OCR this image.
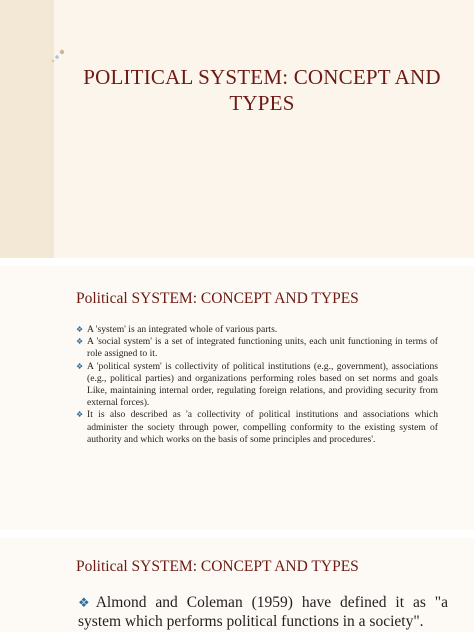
POLITICAL SYSTEM: CONCEPT AND TYPES
Political SYSTEM: CONCEPT AND TYPES
❖ A 'system' is an integrated whole of various parts.
❖ A 'social system' is a set of integrated functioning units, each unit functioning in terms of role assigned to it.
❖ A 'political system' is collectivity of political institutions (e.g., government), associations (e.g., political parties) and organizations performing roles based on set norms and goals Like, maintaining internal order, regulating foreign relations, and providing security from external forces).
❖ It is also described as 'a collectivity of political institutions and associations which administer the society through power, compelling conformity to the existing system of authority and which works on the basis of some principles and procedures'.
Political SYSTEM: CONCEPT AND TYPES
❖Almond and Coleman (1959) have defined it as "a system which performs political functions in a society".
